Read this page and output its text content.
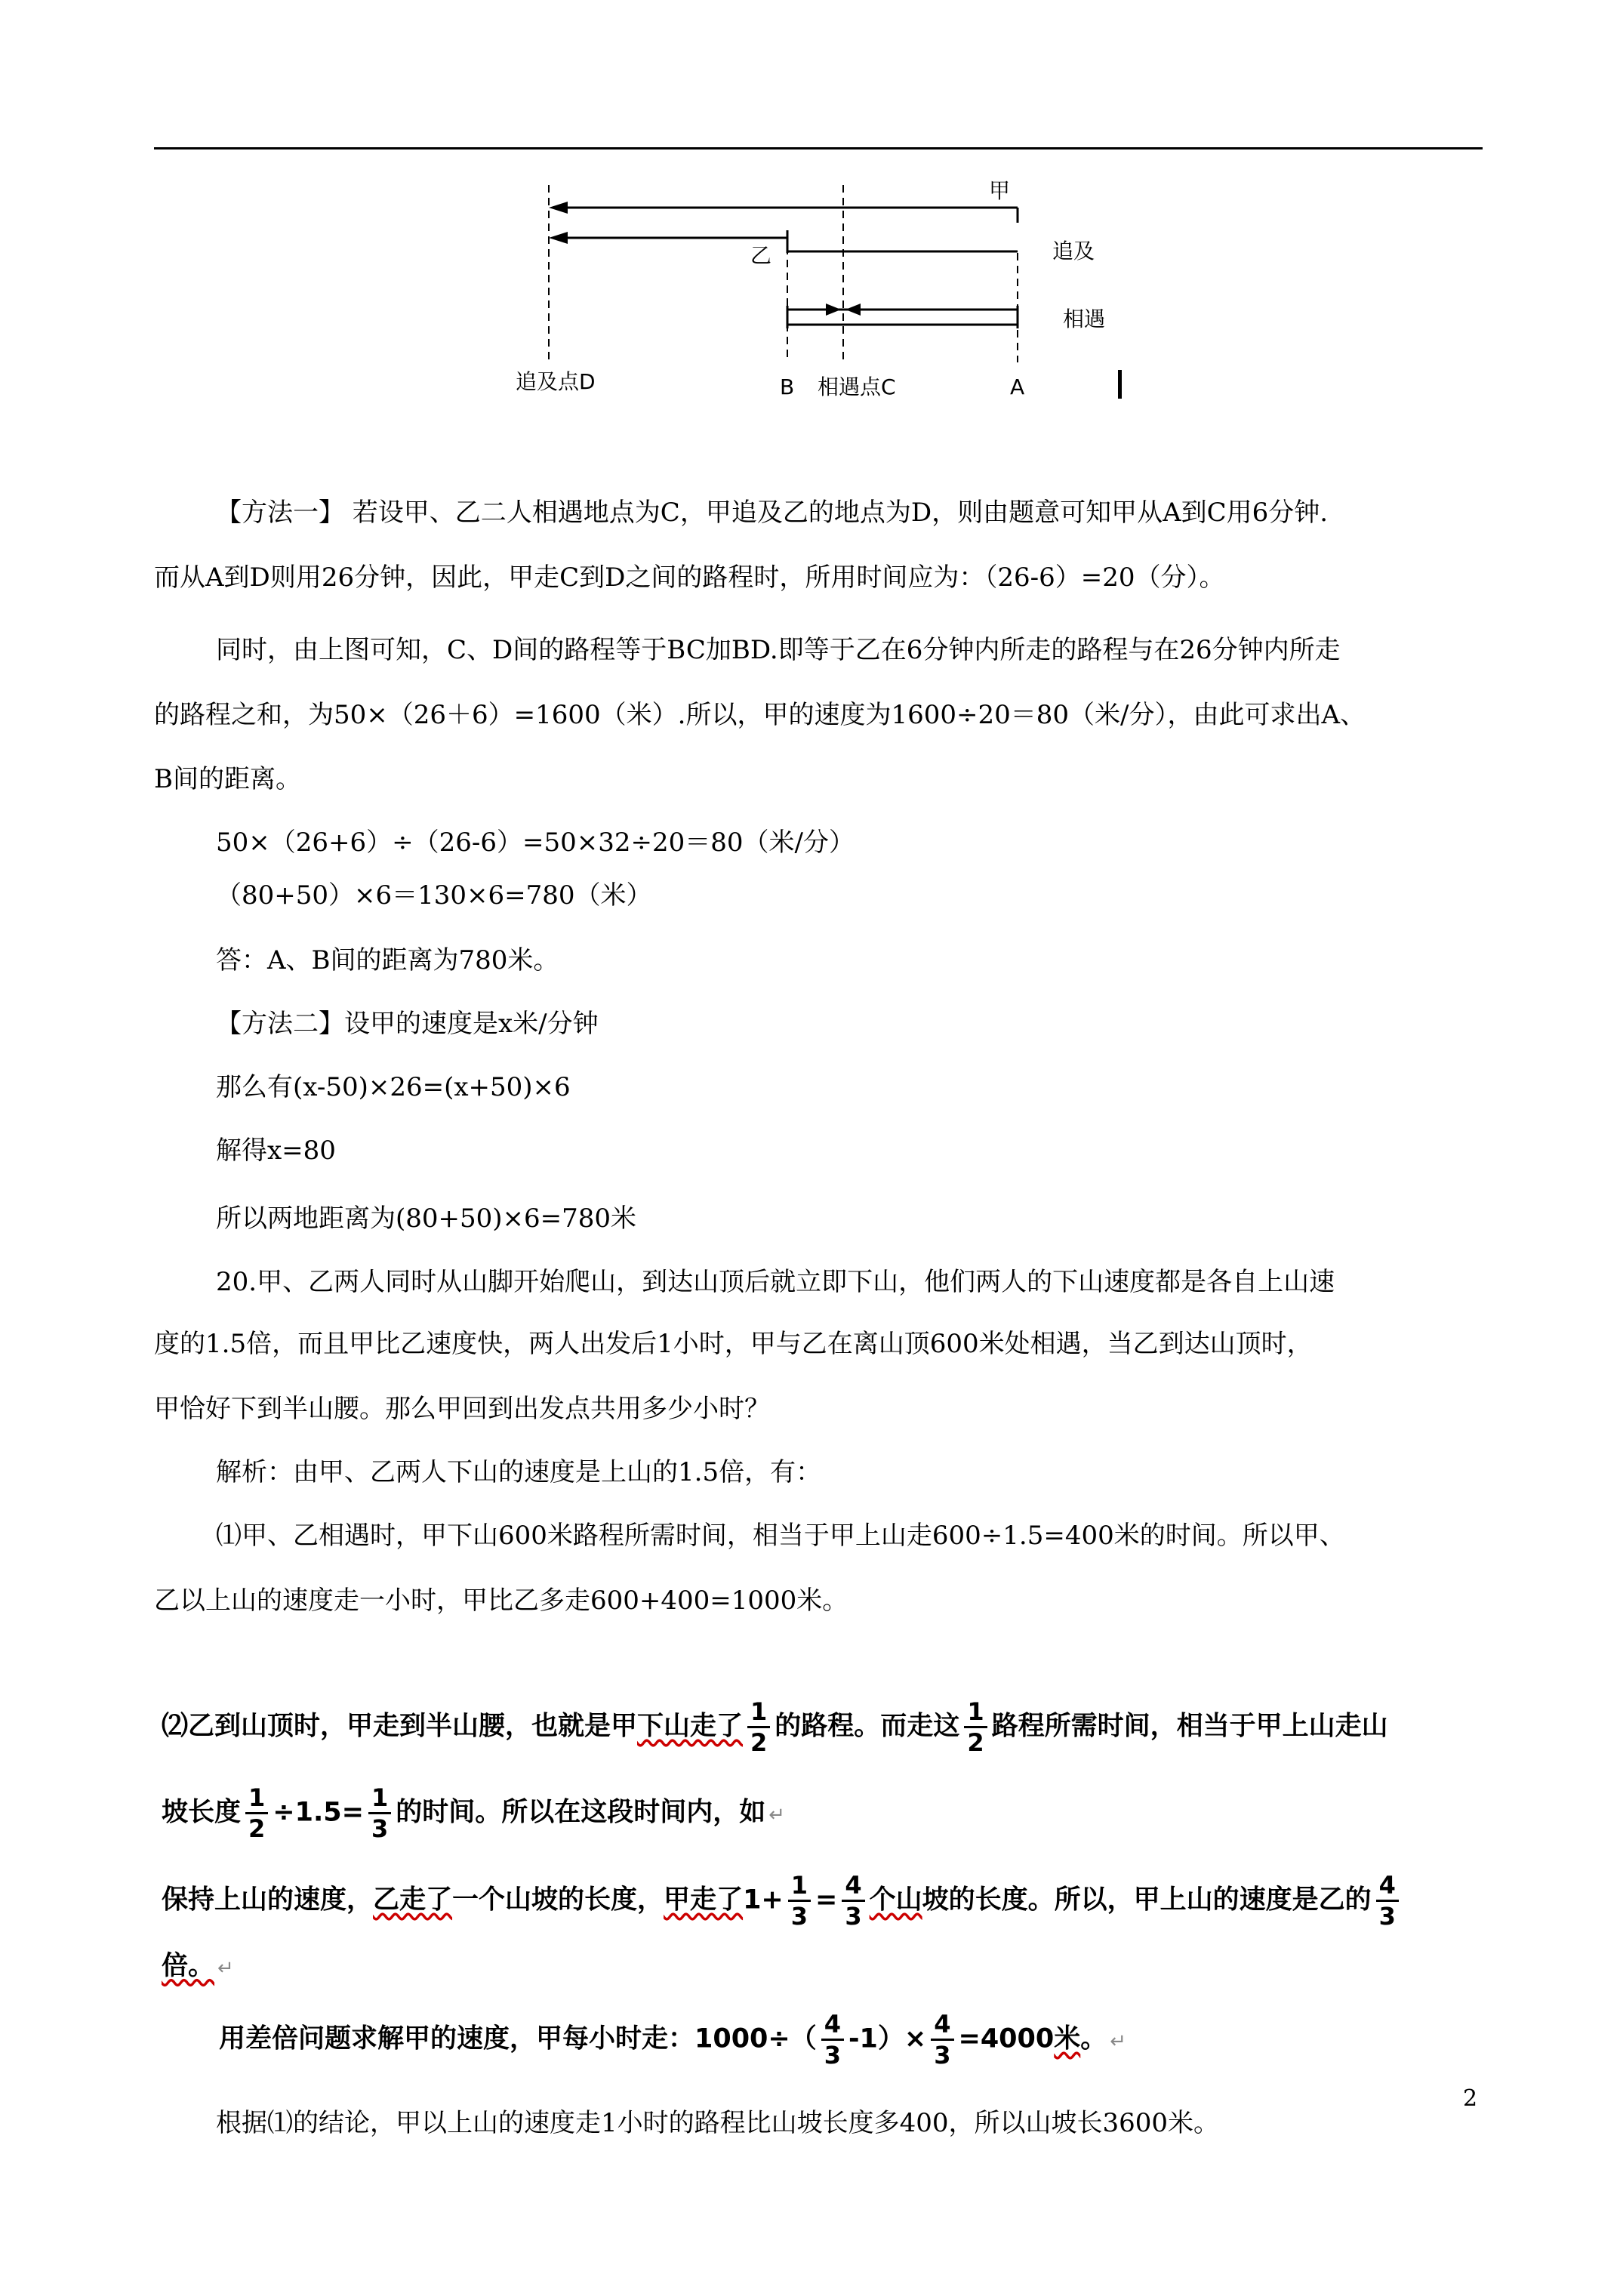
甲
乙	追及
相遇
追及点D	B 相遇点C	A
【方法一】 若设甲、乙二人相遇地点为C，甲追及乙的地点为D，则由题意可知甲从A到C用6分钟.
而从A到D则用26分钟，因此，甲走C到D之间的路程时，所用时间应为：（26-6）=20（分）。
同时，由上图可知，C、D间的路程等于BC加BD.即等于乙在6分钟内所走的路程与在26分钟内所走
的路程之和，为50×（26＋6）=1600（米）.所以，甲的速度为1600÷20＝80（米/分），由此可求出A、
B间的距离。
50×（26+6）÷（26-6）=50×32÷20＝80（米/分）
（80+50）×6＝130×6=780（米）
答：A、B间的距离为780米。
【方法二】设甲的速度是x米/分钟
那么有(x-50)×26=(x+50)×6
解得x=80
所以两地距离为(80+50)×6=780米
20.甲、乙两人同时从山脚开始爬山，到达山顶后就立即下山，他们两人的下山速度都是各自上山速
度的1.5倍，而且甲比乙速度快，两人出发后1小时，甲与乙在离山顶600米处相遇，当乙到达山顶时，
甲恰好下到半山腰。那么甲回到出发点共用多少小时？
解析：由甲、乙两人下山的速度是上山的1.5倍，有：
⑴甲、乙相遇时，甲下山600米路程所需时间，相当于甲上山走600÷1.5=400米的时间。所以甲、
乙以上山的速度走一小时，甲比乙多走600+400=1000米。
⑵乙到山顶时，甲走到半山腰，也就是甲下山走了 $\frac{1}{2}$ 的路程。而走这 $\frac{1}{2}$ 路程所需时间，相当于甲上山走山
坡长度 $\frac{1}{2} \div 1.5= \frac{1}{3}$ 的时间。所以在这段时间内，如 ↵
保持上山的速度，乙走了一个山坡的长度，甲走了$1+ \frac{1}{3} = \frac{4}{3}$ 个山坡的长度。所以，甲上山的速度是乙的 $\frac{4}{3}$
倍。 ↵
用差倍问题求解甲的速度，甲每小时走：$1000\div( \frac{4}{3} -1)\times \frac{4}{3} =4000$米。 ↵
根据⑴的结论，甲以上山的速度走1小时的路程比山坡长度多400，所以山坡长3600米。
2
